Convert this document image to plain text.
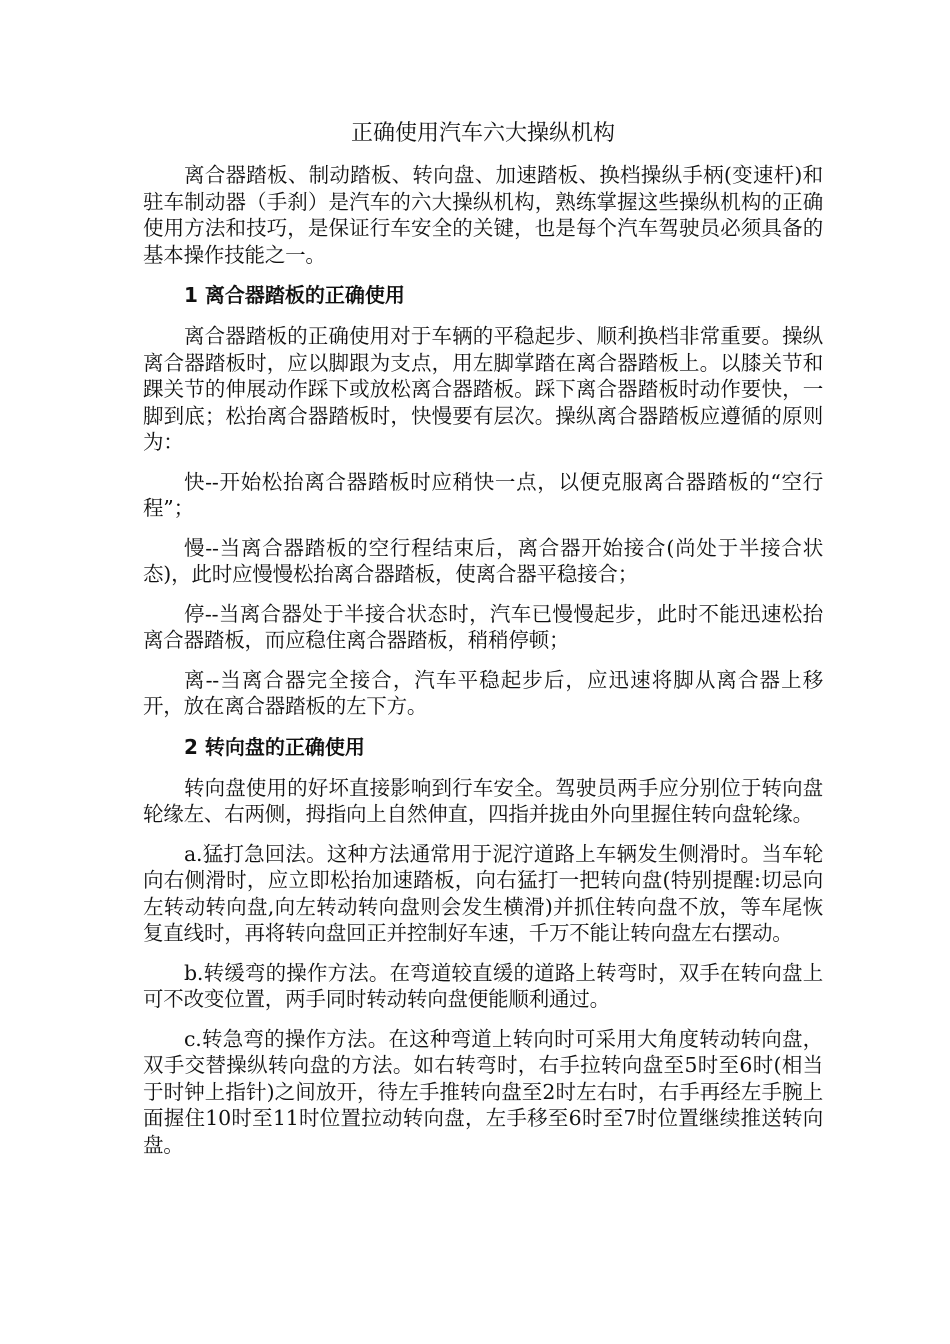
正确使用汽车六大操纵机构

离合器踏板、制动踏板、转向盘、加速踏板、换档操纵手柄(变速杆)和驻车制动器（手刹）是汽车的六大操纵机构，熟练掌握这些操纵机构的正确使用方法和技巧，是保证行车安全的关键，也是每个汽车驾驶员必须具备的基本操作技能之一。

1 离合器踏板的正确使用

离合器踏板的正确使用对于车辆的平稳起步、顺利换档非常重要。操纵离合器踏板时，应以脚跟为支点，用左脚掌踏在离合器踏板上。以膝关节和踝关节的伸展动作踩下或放松离合器踏板。踩下离合器踏板时动作要快，一脚到底；松抬离合器踏板时，快慢要有层次。操纵离合器踏板应遵循的原则为：

快--开始松抬离合器踏板时应稍快一点，以便克服离合器踏板的“空行程”；

慢--当离合器踏板的空行程结束后，离合器开始接合(尚处于半接合状态)，此时应慢慢松抬离合器踏板，使离合器平稳接合；

停--当离合器处于半接合状态时，汽车已慢慢起步，此时不能迅速松抬离合器踏板，而应稳住离合器踏板，稍稍停顿；

离--当离合器完全接合，汽车平稳起步后，应迅速将脚从离合器上移开，放在离合器踏板的左下方。

2 转向盘的正确使用

转向盘使用的好坏直接影响到行车安全。驾驶员两手应分别位于转向盘轮缘左、右两侧，拇指向上自然伸直，四指并拢由外向里握住转向盘轮缘。

a.猛打急回法。这种方法通常用于泥泞道路上车辆发生侧滑时。当车轮向右侧滑时，应立即松抬加速踏板，向右猛打一把转向盘(特别提醒:切忌向左转动转向盘,向左转动转向盘则会发生横滑)并抓住转向盘不放，等车尾恢复直线时，再将转向盘回正并控制好车速，千万不能让转向盘左右摆动。

b.转缓弯的操作方法。在弯道较直缓的道路上转弯时，双手在转向盘上可不改变位置，两手同时转动转向盘便能顺利通过。

c.转急弯的操作方法。在这种弯道上转向时可采用大角度转动转向盘，双手交替操纵转向盘的方法。如右转弯时，右手拉转向盘至5时至6时(相当于时钟上指针)之间放开，待左手推转向盘至2时左右时，右手再经左手腕上面握住10时至11时位置拉动转向盘，左手移至6时至7时位置继续推送转向盘。
